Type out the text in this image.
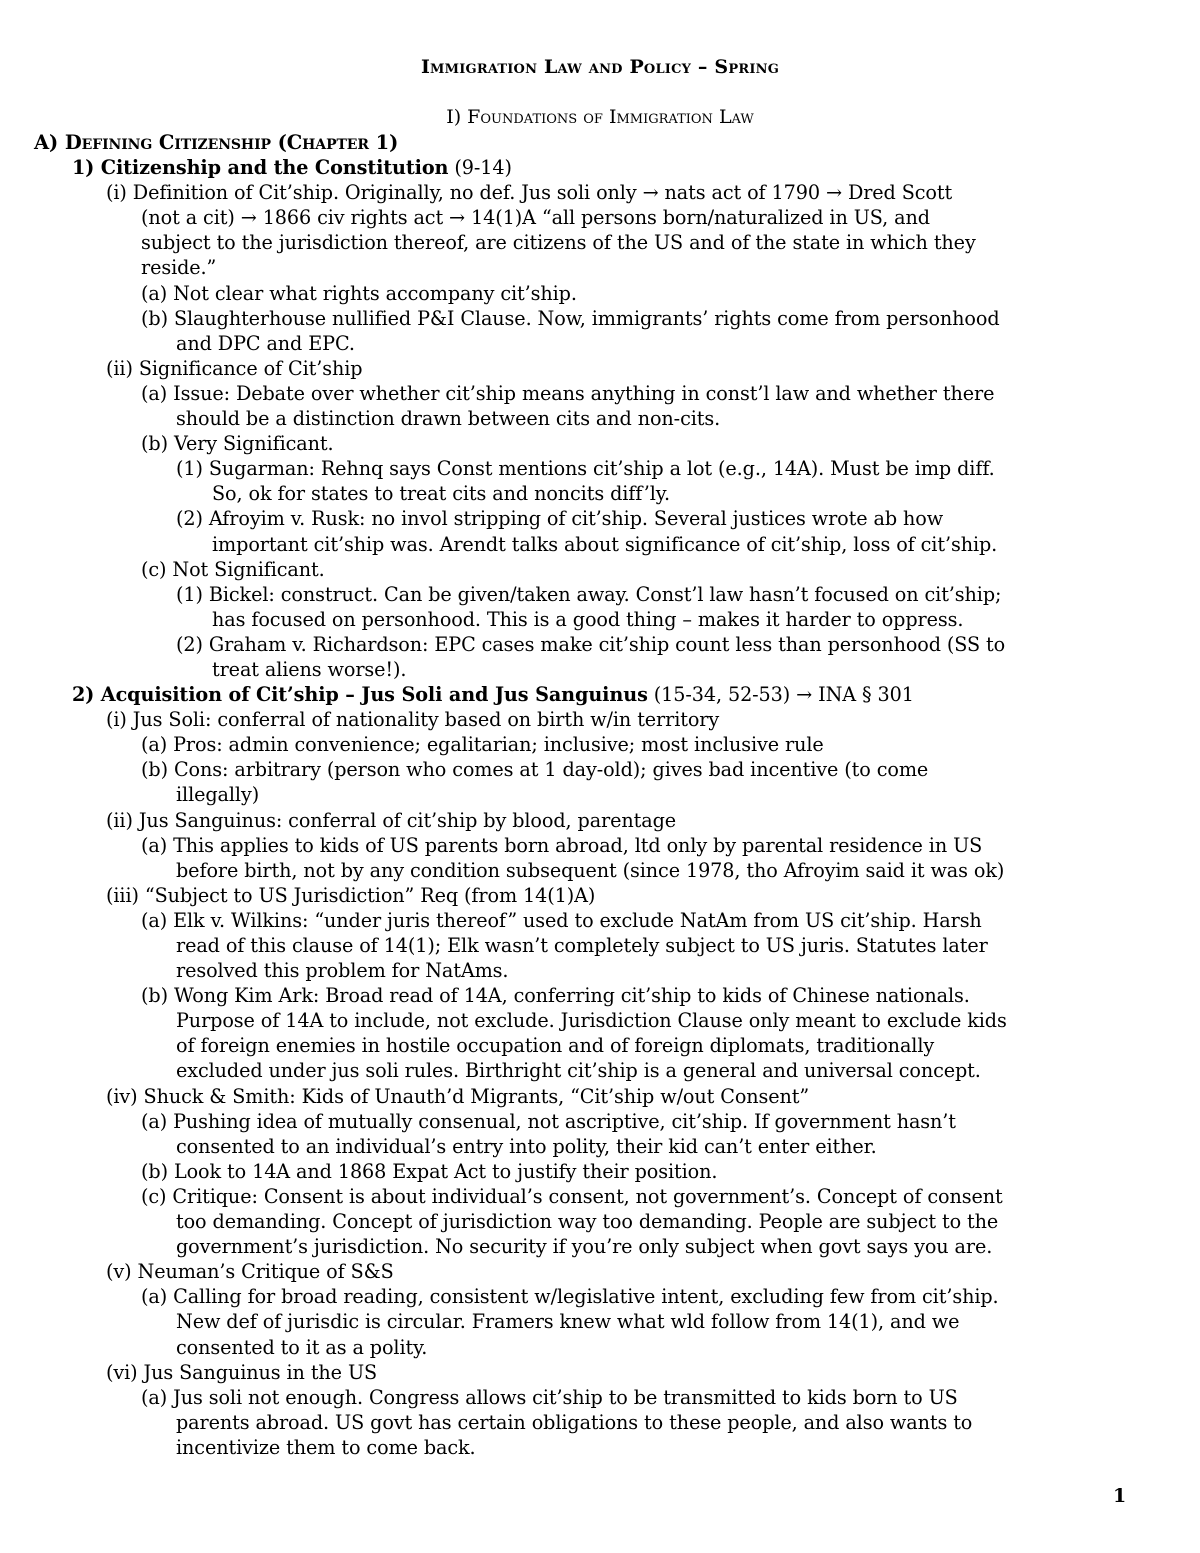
Immigration Law and Policy – Spring
I) Foundations of Immigration Law
A) Defining Citizenship (Chapter 1)
1) Citizenship and the Constitution (9-14)
(i) Definition of Cit’ship. Originally, no def. Jus soli only → nats act of 1790 → Dred Scott
(not a cit) → 1866 civ rights act → 14(1)A “all persons born/naturalized in US, and
subject to the jurisdiction thereof, are citizens of the US and of the state in which they
reside.”
(a) Not clear what rights accompany cit’ship.
(b) Slaughterhouse nullified P&I Clause. Now, immigrants’ rights come from personhood
and DPC and EPC.
(ii) Significance of Cit’ship
(a) Issue: Debate over whether cit’ship means anything in const’l law and whether there
should be a distinction drawn between cits and non-cits.
(b) Very Significant.
(1) Sugarman: Rehnq says Const mentions cit’ship a lot (e.g., 14A). Must be imp diff.
So, ok for states to treat cits and noncits diff’ly.
(2) Afroyim v. Rusk: no invol stripping of cit’ship. Several justices wrote ab how
important cit’ship was. Arendt talks about significance of cit’ship, loss of cit’ship.
(c) Not Significant.
(1) Bickel: construct. Can be given/taken away. Const’l law hasn’t focused on cit’ship;
has focused on personhood. This is a good thing – makes it harder to oppress.
(2) Graham v. Richardson: EPC cases make cit’ship count less than personhood (SS to
treat aliens worse!).
2) Acquisition of Cit’ship – Jus Soli and Jus Sanguinus (15-34, 52-53) → INA § 301
(i) Jus Soli: conferral of nationality based on birth w/in territory
(a) Pros: admin convenience; egalitarian; inclusive; most inclusive rule
(b) Cons: arbitrary (person who comes at 1 day-old); gives bad incentive (to come
illegally)
(ii) Jus Sanguinus: conferral of cit’ship by blood, parentage
(a) This applies to kids of US parents born abroad, ltd only by parental residence in US
before birth, not by any condition subsequent (since 1978, tho Afroyim said it was ok)
(iii) “Subject to US Jurisdiction” Req (from 14(1)A)
(a) Elk v. Wilkins: “under juris thereof” used to exclude NatAm from US cit’ship. Harsh
read of this clause of 14(1); Elk wasn’t completely subject to US juris. Statutes later
resolved this problem for NatAms.
(b) Wong Kim Ark: Broad read of 14A, conferring cit’ship to kids of Chinese nationals.
Purpose of 14A to include, not exclude. Jurisdiction Clause only meant to exclude kids
of foreign enemies in hostile occupation and of foreign diplomats, traditionally
excluded under jus soli rules. Birthright cit’ship is a general and universal concept.
(iv) Shuck & Smith: Kids of Unauth’d Migrants, “Cit’ship w/out Consent”
(a) Pushing idea of mutually consenual, not ascriptive, cit’ship. If government hasn’t
consented to an individual’s entry into polity, their kid can’t enter either.
(b) Look to 14A and 1868 Expat Act to justify their position.
(c) Critique: Consent is about individual’s consent, not government’s. Concept of consent
too demanding. Concept of jurisdiction way too demanding. People are subject to the
government’s jurisdiction. No security if you’re only subject when govt says you are.
(v) Neuman’s Critique of S&S
(a) Calling for broad reading, consistent w/legislative intent, excluding few from cit’ship.
New def of jurisdic is circular. Framers knew what wld follow from 14(1), and we
consented to it as a polity.
(vi) Jus Sanguinus in the US
(a) Jus soli not enough. Congress allows cit’ship to be transmitted to kids born to US
parents abroad. US govt has certain obligations to these people, and also wants to
incentivize them to come back.
1
